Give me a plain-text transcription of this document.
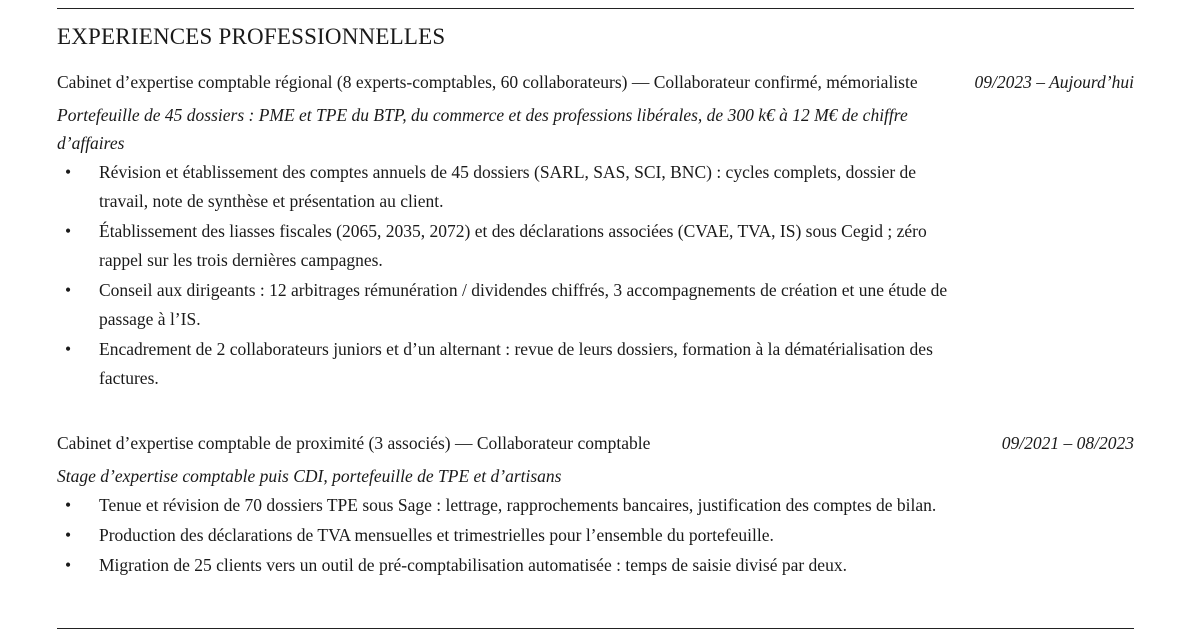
EXPERIENCES PROFESSIONNELLES
Cabinet d’expertise comptable régional (8 experts-comptables, 60 collaborateurs) — Collaborateur confirmé, mémorialiste	09/2023 – Aujourd’hui
Portefeuille de 45 dossiers : PME et TPE du BTP, du commerce et des professions libérales, de 300 k€ à 12 M€ de chiffre d’affaires
• Révision et établissement des comptes annuels de 45 dossiers (SARL, SAS, SCI, BNC) : cycles complets, dossier de travail, note de synthèse et présentation au client.
• Établissement des liasses fiscales (2065, 2035, 2072) et des déclarations associées (CVAE, TVA, IS) sous Cegid ; zéro rappel sur les trois dernières campagnes.
• Conseil aux dirigeants : 12 arbitrages rémunération / dividendes chiffrés, 3 accompagnements de création et une étude de passage à l’IS.
• Encadrement de 2 collaborateurs juniors et d’un alternant : revue de leurs dossiers, formation à la dématérialisation des factures.
Cabinet d’expertise comptable de proximité (3 associés) — Collaborateur comptable	09/2021 – 08/2023
Stage d’expertise comptable puis CDI, portefeuille de TPE et d’artisans
• Tenue et révision de 70 dossiers TPE sous Sage : lettrage, rapprochements bancaires, justification des comptes de bilan.
• Production des déclarations de TVA mensuelles et trimestrielles pour l’ensemble du portefeuille.
• Migration de 25 clients vers un outil de pré-comptabilisation automatisée : temps de saisie divisé par deux.
